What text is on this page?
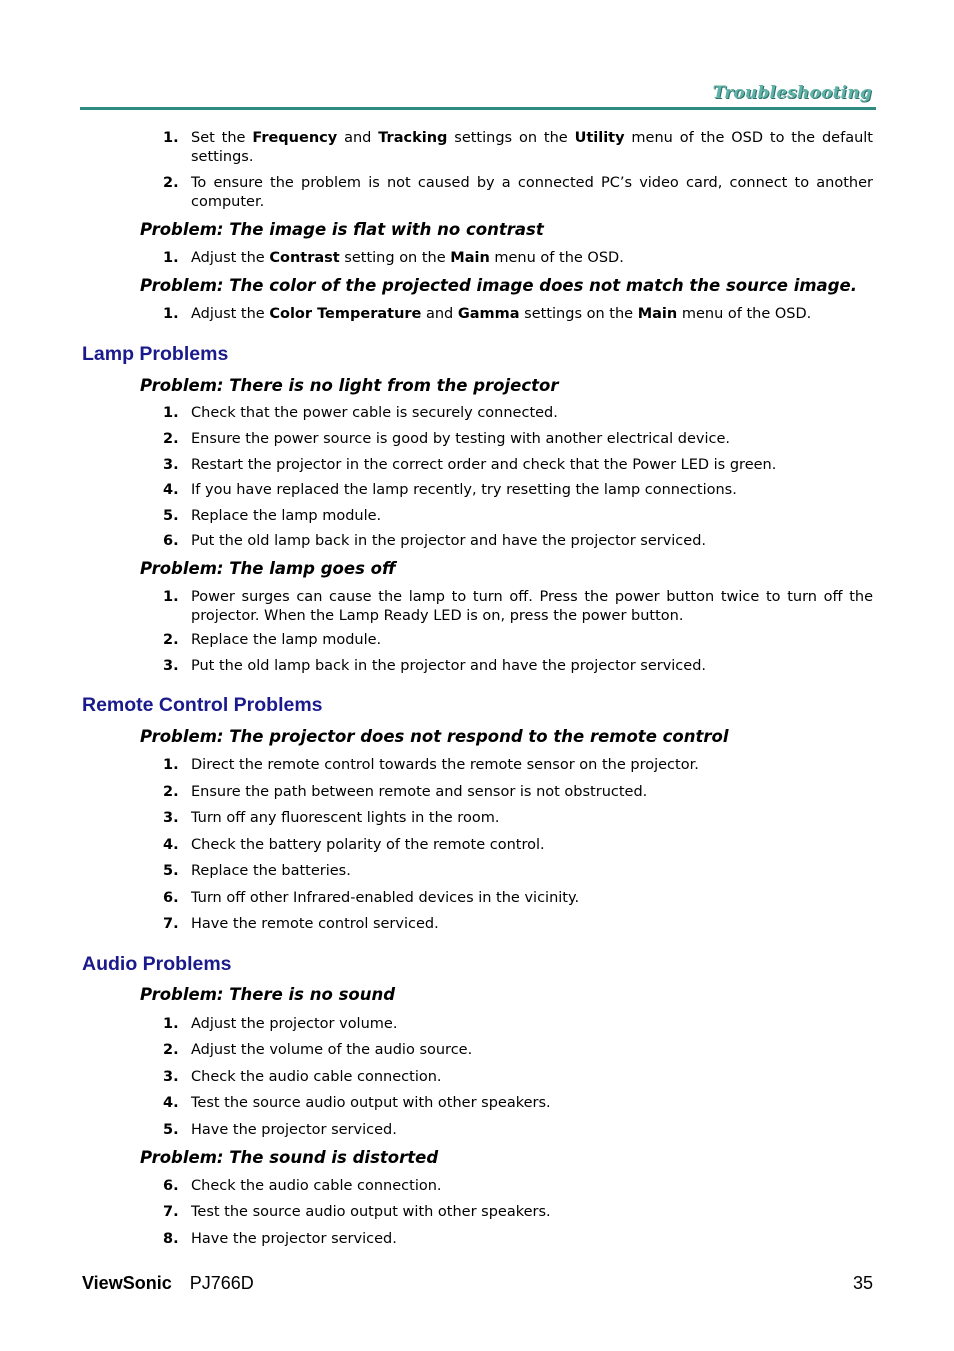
Troubleshooting
1. Set the Frequency and Tracking settings on the Utility menu of the OSD to the default settings.
2. To ensure the problem is not caused by a connected PC’s video card, connect to another computer.
Problem: The image is flat with no contrast
1. Adjust the Contrast setting on the Main menu of the OSD.
Problem: The color of the projected image does not match the source image.
1. Adjust the Color Temperature and Gamma settings on the Main menu of the OSD.
Lamp Problems
Problem: There is no light from the projector
1. Check that the power cable is securely connected.
2. Ensure the power source is good by testing with another electrical device.
3. Restart the projector in the correct order and check that the Power LED is green.
4. If you have replaced the lamp recently, try resetting the lamp connections.
5. Replace the lamp module.
6. Put the old lamp back in the projector and have the projector serviced.
Problem: The lamp goes off
1. Power surges can cause the lamp to turn off. Press the power button twice to turn off the projector. When the Lamp Ready LED is on, press the power button.
2. Replace the lamp module.
3. Put the old lamp back in the projector and have the projector serviced.
Remote Control Problems
Problem: The projector does not respond to the remote control
1. Direct the remote control towards the remote sensor on the projector.
2. Ensure the path between remote and sensor is not obstructed.
3. Turn off any fluorescent lights in the room.
4. Check the battery polarity of the remote control.
5. Replace the batteries.
6. Turn off other Infrared-enabled devices in the vicinity.
7. Have the remote control serviced.
Audio Problems
Problem: There is no sound
1. Adjust the projector volume.
2. Adjust the volume of the audio source.
3. Check the audio cable connection.
4. Test the source audio output with other speakers.
5. Have the projector serviced.
Problem: The sound is distorted
6. Check the audio cable connection.
7. Test the source audio output with other speakers.
8. Have the projector serviced.
ViewSonic PJ766D	35
